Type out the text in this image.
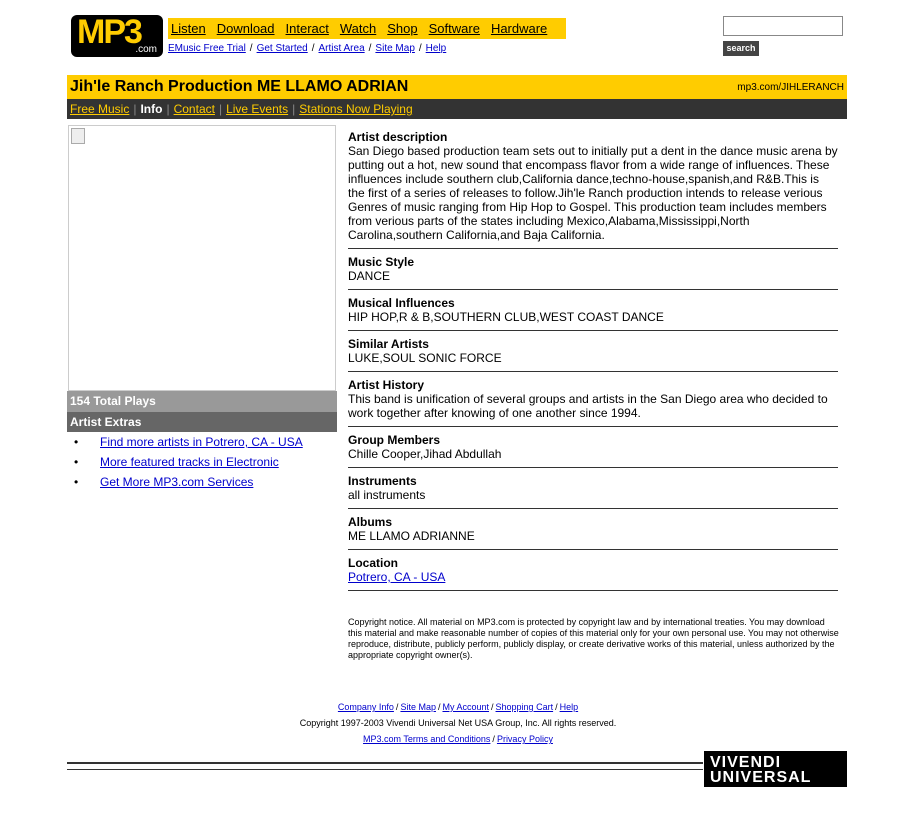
MP3
.com
Listen Download Interact Watch Shop Software Hardware
EMusic Free Trial / Get Started / Artist Area / Site Map / Help	search
Jih'le Ranch Production ME LLAMO ADRIAN	mp3.com/JIHLERANCH
Free Music | Info | Contact | Live Events | Stations Now Playing
154 Total Plays
Artist Extras
• Find more artists in Potrero, CA - USA
• More featured tracks in Electronic
• Get More MP3.com Services
Artist description
San Diego based production team sets out to initially put a dent in the dance music arena by putting out a hot, new sound that encompass flavor from a wide range of influences. These influences include southern club,California dance,techno-house,spanish,and R&B.This is the first of a series of releases to follow.Jih'le Ranch production intends to release verious Genres of music ranging from Hip Hop to Gospel. This production team includes members from verious parts of the states including Mexico,Alabama,Mississippi,North Carolina,southern California,and Baja California.
Music Style
DANCE
Musical Influences
HIP HOP,R & B,SOUTHERN CLUB,WEST COAST DANCE
Similar Artists
LUKE,SOUL SONIC FORCE
Artist History
This band is unification of several groups and artists in the San Diego area who decided to work together after knowing of one another since 1994.
Group Members
Chille Cooper,Jihad Abdullah
Instruments
all instruments
Albums
ME LLAMO ADRIANNE
Location
Potrero, CA - USA
Copyright notice. All material on MP3.com is protected by copyright law and by international treaties. You may download this material and make reasonable number of copies of this material only for your own personal use. You may not otherwise reproduce, distribute, publicly perform, publicly display, or create derivative works of this material, unless authorized by the appropriate copyright owner(s).
Company Info / Site Map / My Account / Shopping Cart / Help
Copyright 1997-2003 Vivendi Universal Net USA Group, Inc. All rights reserved.
MP3.com Terms and Conditions / Privacy Policy
VIVENDI
UNIVERSAL
